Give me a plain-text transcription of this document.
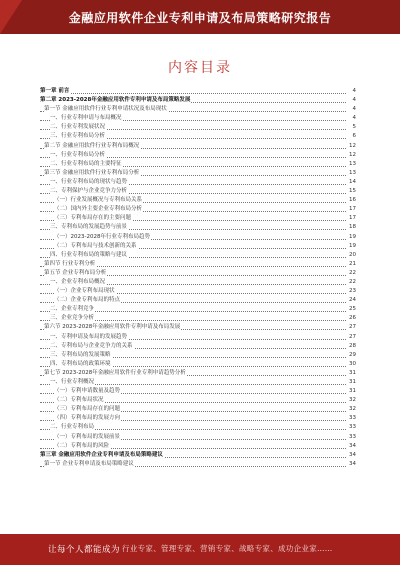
金融应用软件企业专利申请及布局策略研究报告
内容目录
第一章 前言	4
第二章 2023-2028年金融应用软件专利申请及布局策略发展	4
第一节 金融应用软件行业专利申请状况及布局现状	4
一、行业专利申请与布局概况	4
二、行业专利发展状况	5
三、行业专利布局分析	6
第二节 金融应用软件行业专利布局概况	12
一、行业专利布局分析	12
二、行业专利布局的主要特征	13
第三节 金融应用软件行业专利布局分析	13
一、行业专利布局的现状与趋势	14
二、专利保护与企业竞争力分析	15
（一）行业发展概况与专利布局关系	16
（二）国内外主要企业专利布局分析	17
（三）专利布局存在的主要问题	17
三、专利布局的发展趋势与前景	18
（一）2023-2028年行业专利布局趋势	19
（二）专利布局与技术创新的关系	19
四、行业专利布局的策略与建议	20
第四节 行业专利分析	21
第五节 企业专利布局分析	22
一、企业专利布局概况	22
（一）企业专利布局现状	23
（二）企业专利布局的特点	24
二、企业专利竞争	25
三、企业竞争分析	26
第六节 2023-2028年金融应用软件专利申请及布局发展	27
一、专利申请及布局的发展趋势	27
二、专利布局与企业竞争力的关系	28
三、专利布局的发展策略	29
四、专利布局的政策环境	30
第七节 2023-2028年金融应用软件行业专利申请趋势分析	31
一、行业专利概况	31
（一）专利申请数量及趋势	31
（二）专利布局状况	32
（三）专利布局存在的问题	32
（四）专利布局的发展方向	33
二、行业专利布局	33
（一）专利布局的发展前景	33
（二）专利布局的风险	34
第三章 金融应用软件企业专利申请及布局策略建议	34
第一节 企业专利申请及布局策略建议	34
让每个人都能成为 行业专家、管理专家、营销专家、战略专家、成功企业家……
